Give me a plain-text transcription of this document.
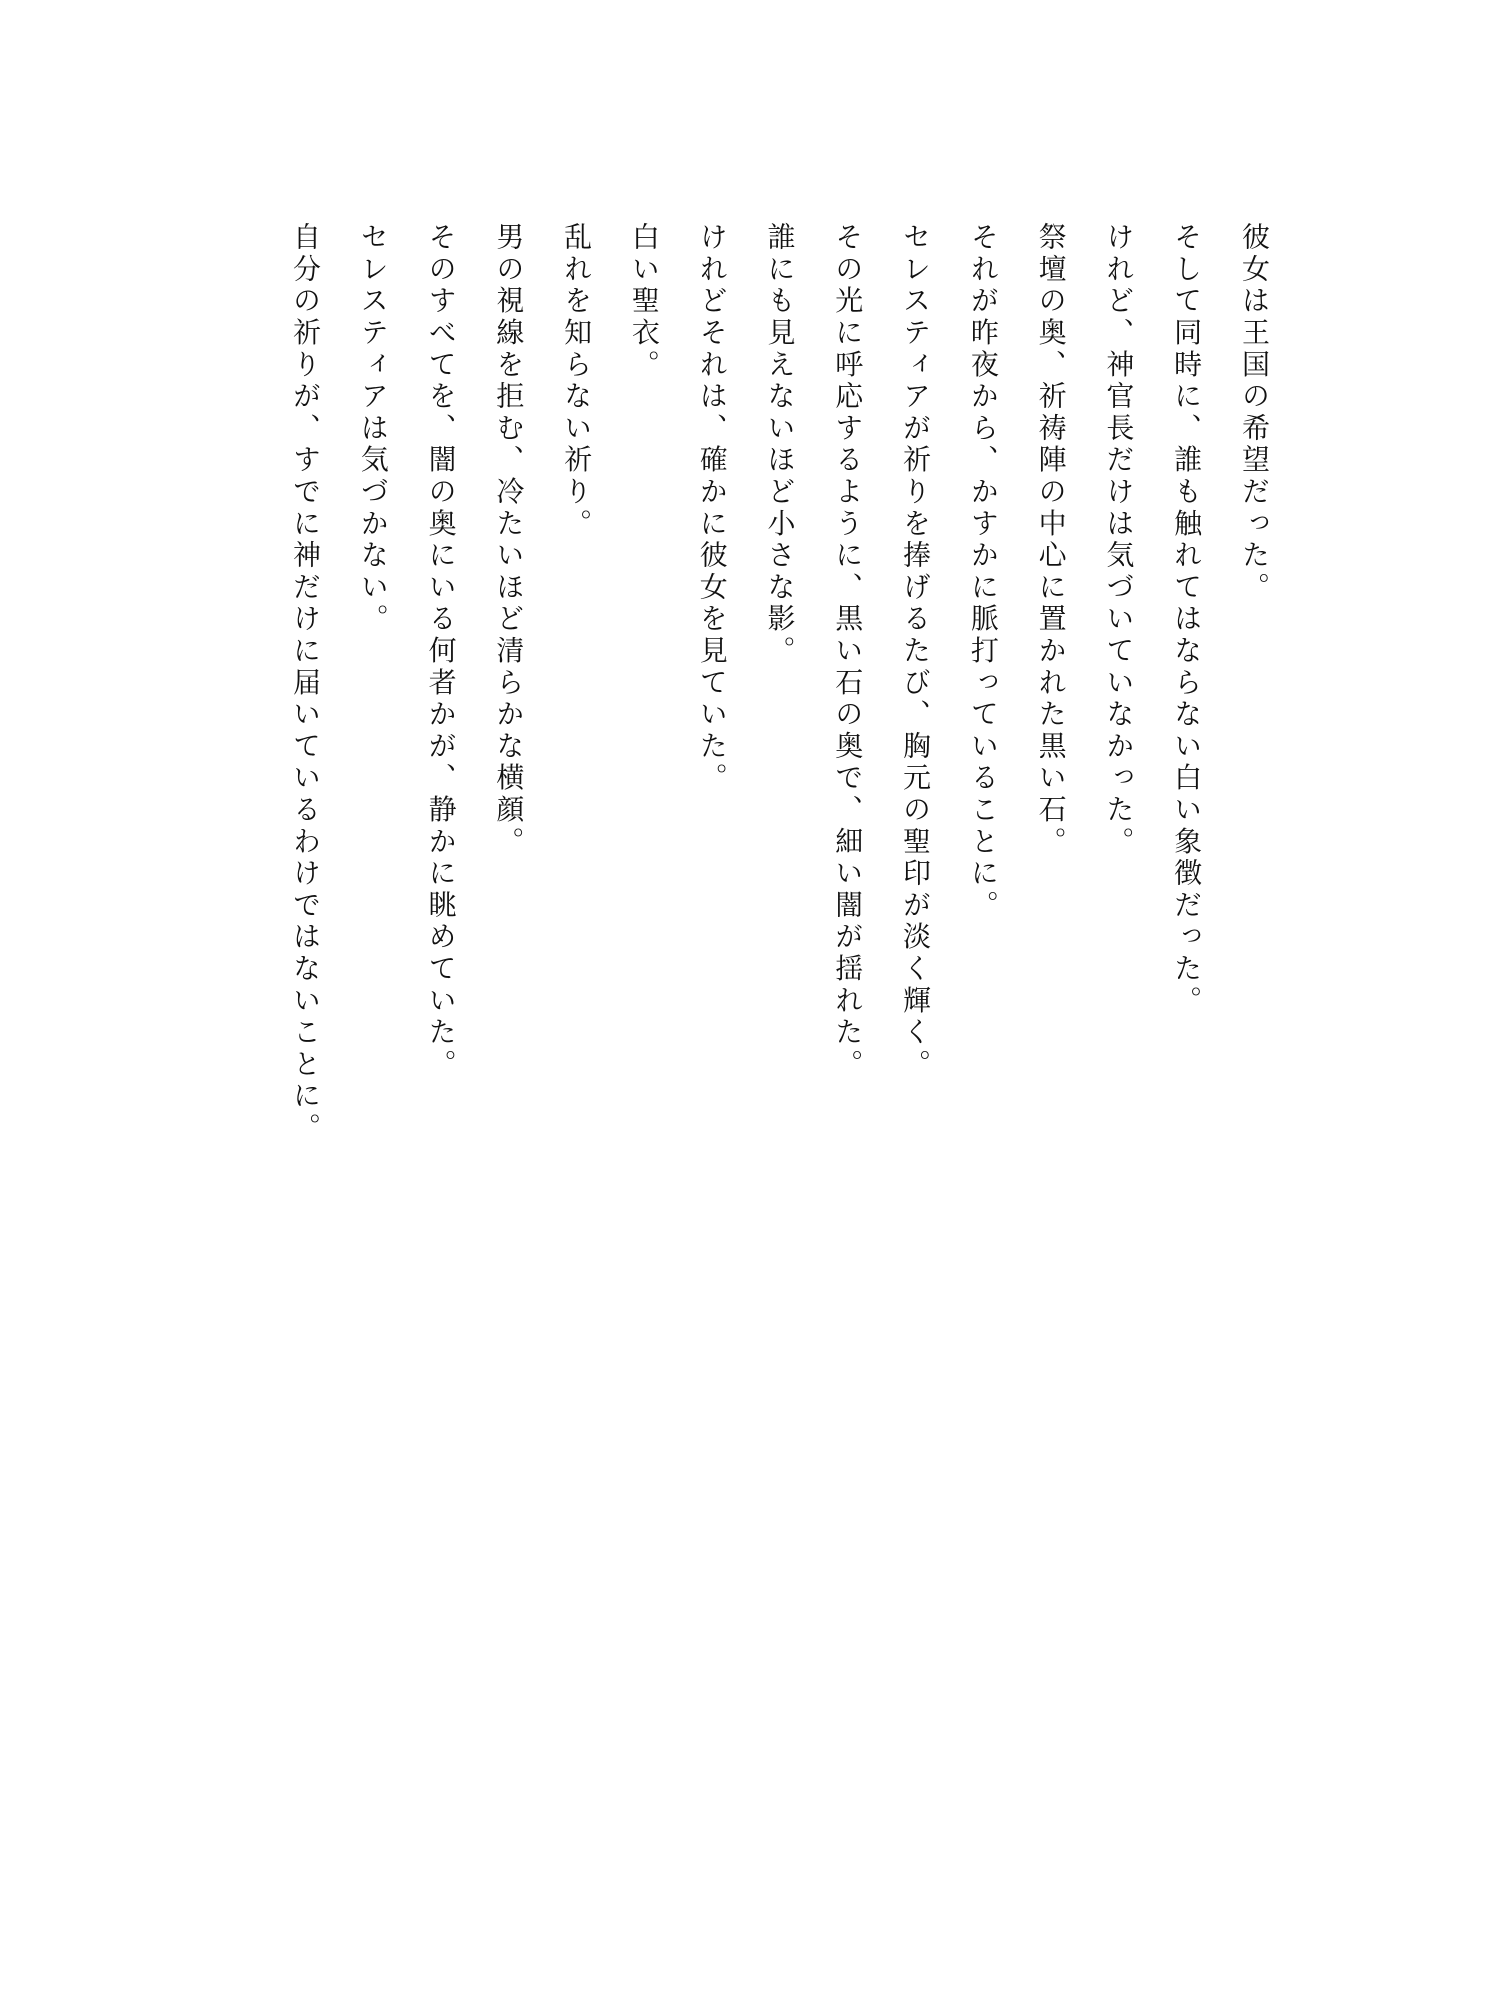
彼女は王国の希望だった。
そして同時に、誰も触れてはならない白い象徴だった。
けれど、神官長だけは気づいていなかった。
祭壇の奥、祈祷陣の中心に置かれた黒い石。
それが昨夜から、かすかに脈打っていることに。
セレスティアが祈りを捧げるたび、胸元の聖印が淡く輝く。
その光に呼応するように、黒い石の奥で、細い闇が揺れた。
誰にも見えないほど小さな影。
けれどそれは、確かに彼女を見ていた。
白い聖衣。
乱れを知らない祈り。
男の視線を拒む、冷たいほど清らかな横顔。
そのすべてを、闇の奥にいる何者かが、静かに眺めていた。
セレスティアは気づかない。
自分の祈りが、すでに神だけに届いているわけではないことに。
